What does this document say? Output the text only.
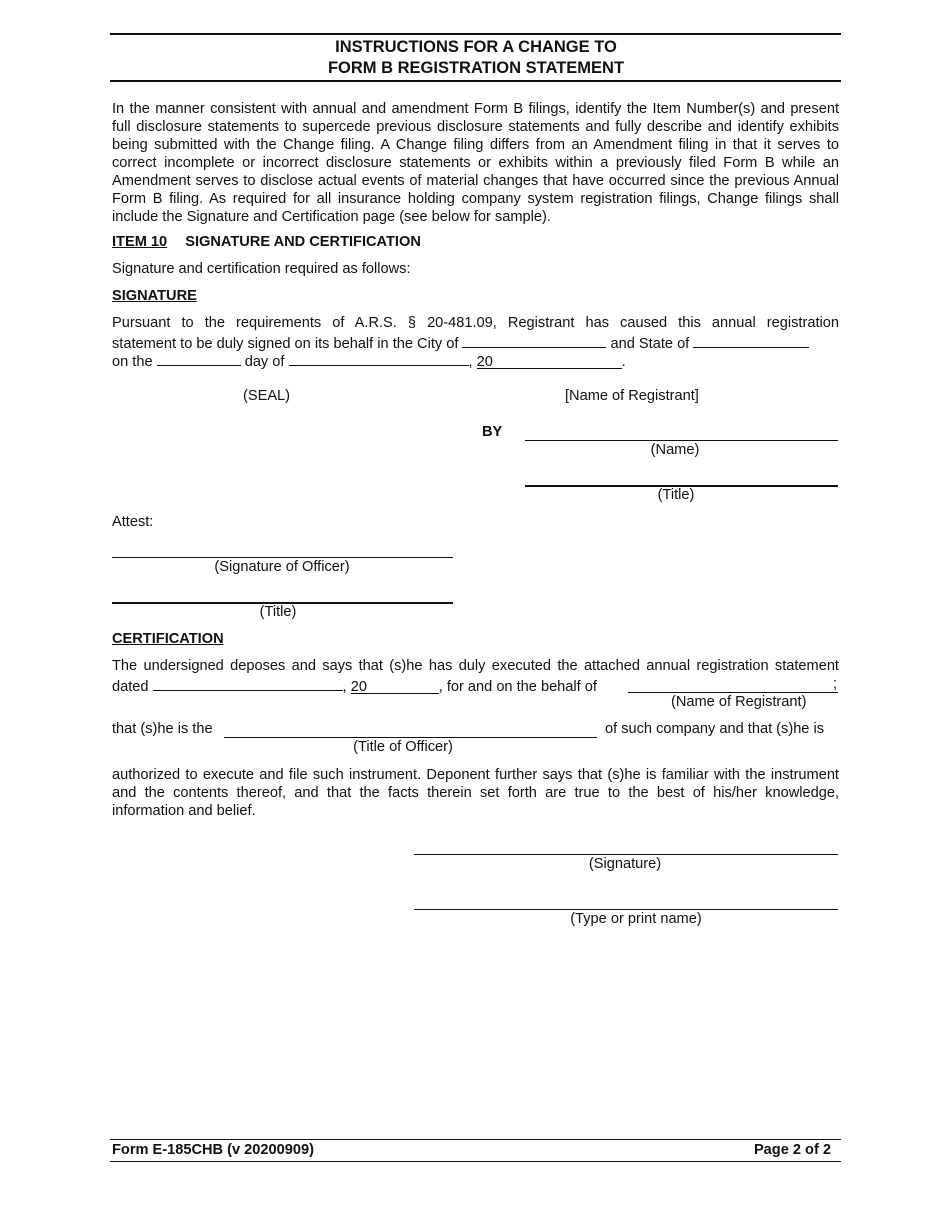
INSTRUCTIONS FOR A CHANGE TO
FORM B REGISTRATION STATEMENT
In the manner consistent with annual and amendment Form B filings, identify the Item Number(s) and present full disclosure statements to supercede previous disclosure statements and fully describe and identify exhibits being submitted with the Change filing. A Change filing differs from an Amendment filing in that it serves to correct incomplete or incorrect disclosure statements or exhibits within a previously filed Form B while an Amendment serves to disclose actual events of material changes that have occurred since the previous Annual Form B filing. As required for all insurance holding company system registration filings, Change filings shall include the Signature and Certification page (see below for sample).
ITEM 10 SIGNATURE AND CERTIFICATION
Signature and certification required as follows:
SIGNATURE
Pursuant to the requirements of A.R.S. § 20-481.09, Registrant has caused this annual registration
statement to be duly signed on its behalf in the City of	and State of
on the	day of	, 20	.
(SEAL)	[Name of Registrant]
BY
(Name)
(Title)
Attest:
(Signature of Officer)
(Title)
CERTIFICATION
The undersigned deposes and says that (s)he has duly executed the attached annual registration statement
dated	, 20	, for and on the behalf of	;
(Name of Registrant)
that (s)he is the	of such company and that (s)he is
(Title of Officer)
authorized to execute and file such instrument. Deponent further says that (s)he is familiar with the instrument and the contents thereof, and that the facts therein set forth are true to the best of his/her knowledge, information and belief.
(Signature)
(Type or print name)
Form E-185CHB (v 20200909)	Page 2 of 2
